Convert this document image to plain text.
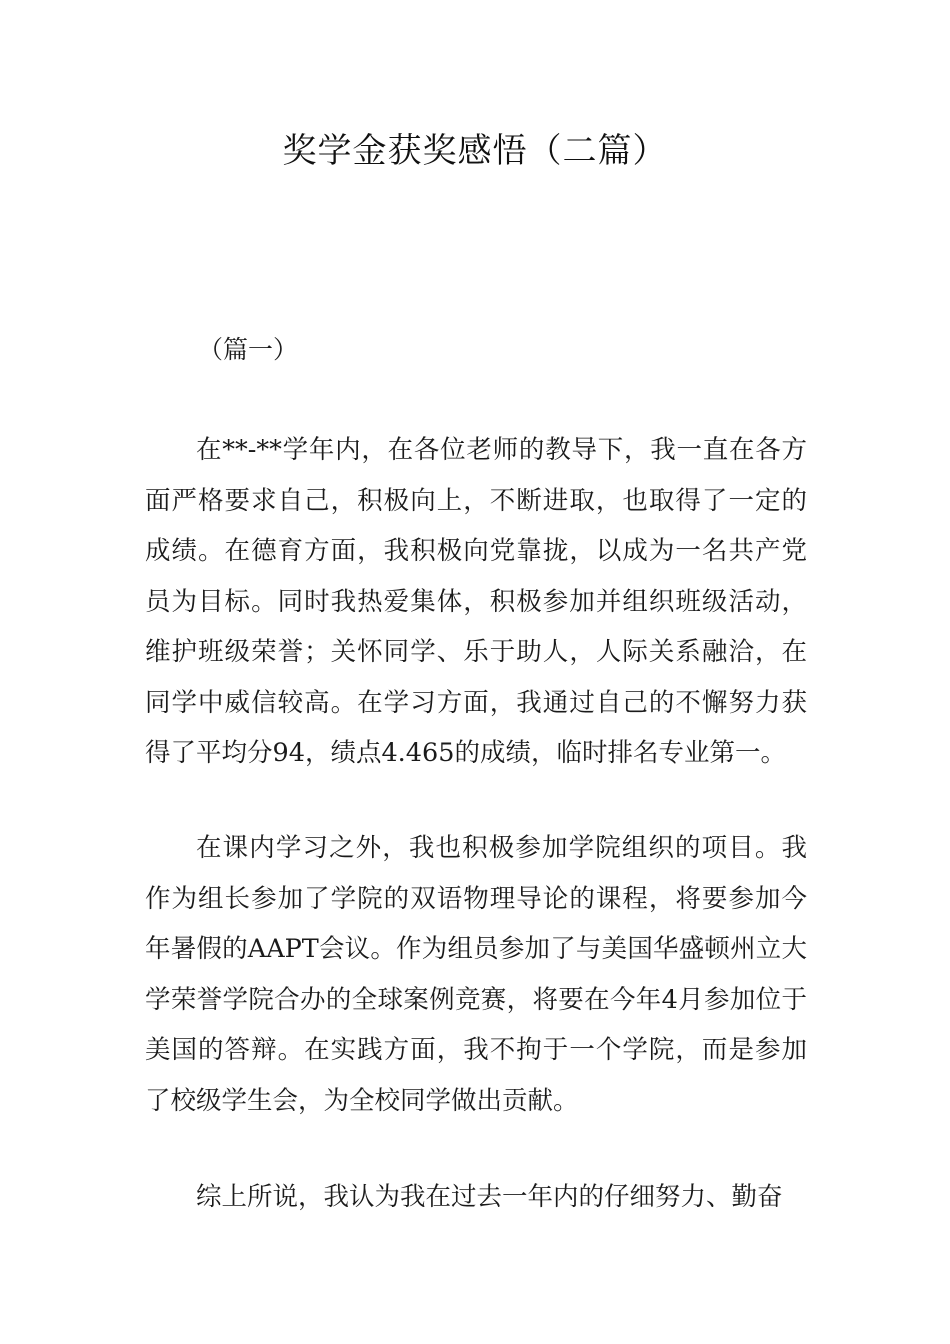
奖学金获奖感悟（二篇）
（篇一）

在**-**学年内，在各位老师的教导下，我一直在各方面严格要求自己，积极向上，不断进取，也取得了一定的成绩。在德育方面，我积极向党靠拢，以成为一名共产党员为目标。同时我热爱集体，积极参加并组织班级活动，维护班级荣誉；关怀同学、乐于助人，人际关系融洽，在同学中威信较高。在学习方面，我通过自己的不懈努力获得了平均分94，绩点4.465的成绩，临时排名专业第一。

在课内学习之外，我也积极参加学院组织的项目。我作为组长参加了学院的双语物理导论的课程，将要参加今年暑假的AAPT会议。作为组员参加了与美国华盛顿州立大学荣誉学院合办的全球案例竞赛，将要在今年4月参加位于美国的答辩。在实践方面，我不拘于一个学院，而是参加了校级学生会，为全校同学做出贡献。

综上所说，我认为我在过去一年内的仔细努力、勤奋
